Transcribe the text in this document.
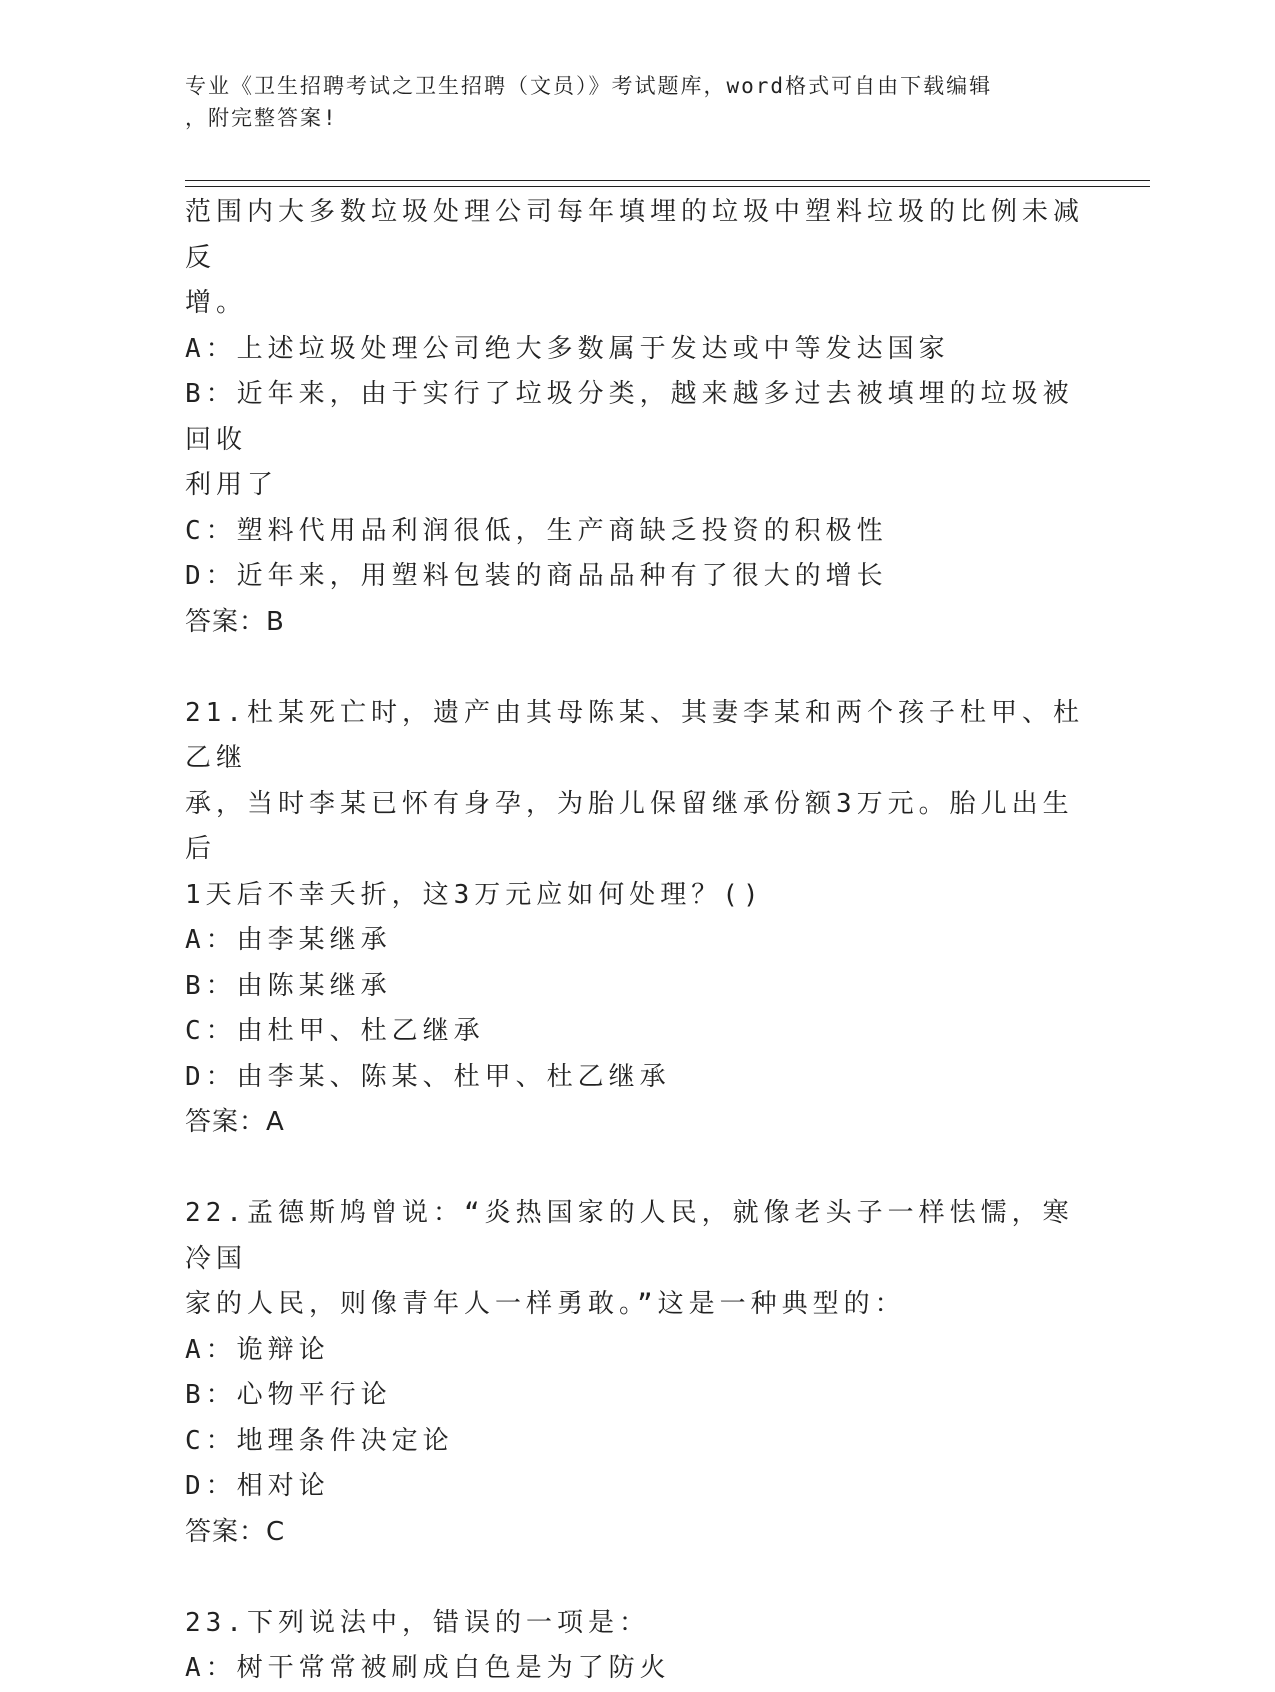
专业《卫生招聘考试之卫生招聘（文员）》考试题库，word格式可自由下载编辑
，附完整答案!

范围内大多数垃圾处理公司每年填埋的垃圾中塑料垃圾的比例未减反

增。

A：上述垃圾处理公司绝大多数属于发达或中等发达国家

B：近年来，由于实行了垃圾分类，越来越多过去被填埋的垃圾被回收

利用了

C：塑料代用品利润很低，生产商缺乏投资的积极性

D：近年来，用塑料包装的商品品种有了很大的增长

答案：B

21.杜某死亡时，遗产由其母陈某、其妻李某和两个孩子杜甲、杜乙继

承，当时李某已怀有身孕，为胎儿保留继承份额3万元。胎儿出生后

1天后不幸夭折，这3万元应如何处理？()

A：由李某继承

B：由陈某继承

C：由杜甲、杜乙继承

D：由李某、陈某、杜甲、杜乙继承

答案：A

22.孟德斯鸠曾说：“炎热国家的人民，就像老头子一样怯懦，寒冷国

家的人民，则像青年人一样勇敢。”这是一种典型的：

A：诡辩论

B：心物平行论

C：地理条件决定论

D：相对论

答案：C

23.下列说法中，错误的一项是：

A：树干常常被刷成白色是为了防火
